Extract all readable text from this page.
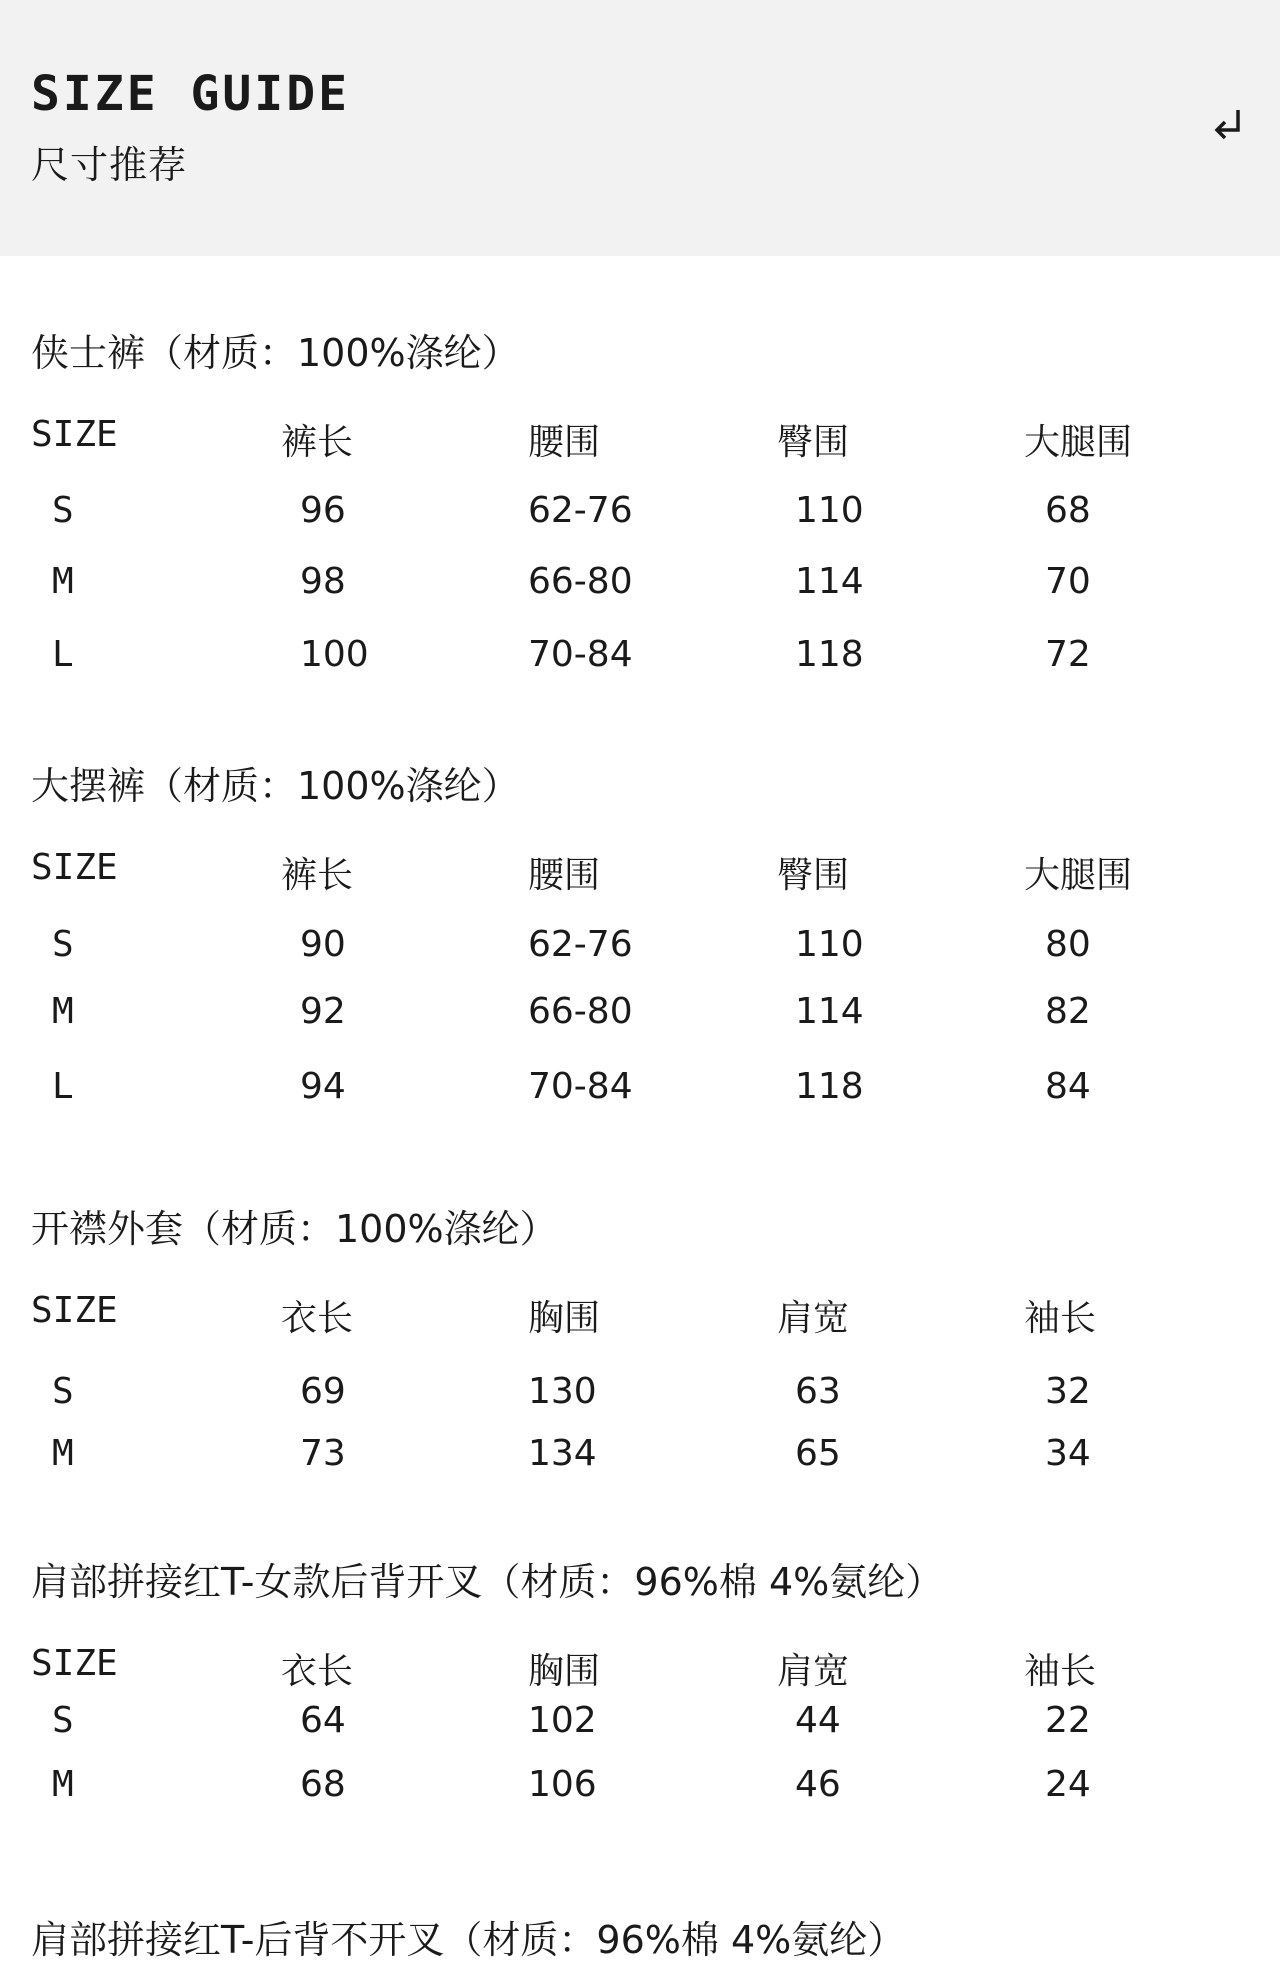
SIZE GUIDE
尺寸推荐
侠士裤（材质：100%涤纶）
SIZE	裤长	腰围	臀围	大腿围
S	96	62-76	110	68
M	98	66-80	114	70
L	100	70-84	118	72
大摆裤（材质：100%涤纶）
SIZE	裤长	腰围	臀围	大腿围
S	90	62-76	110	80
M	92	66-80	114	82
L	94	70-84	118	84
开襟外套（材质：100%涤纶）
SIZE	衣长	胸围	肩宽	袖长
S	69	130	63	32
M	73	134	65	34
肩部拼接红T-女款后背开叉（材质：96%棉 4%氨纶）
SIZE	衣长	胸围	肩宽	袖长
S	64	102	44	22
M	68	106	46	24
肩部拼接红T-后背不开叉（材质：96%棉 4%氨纶）
